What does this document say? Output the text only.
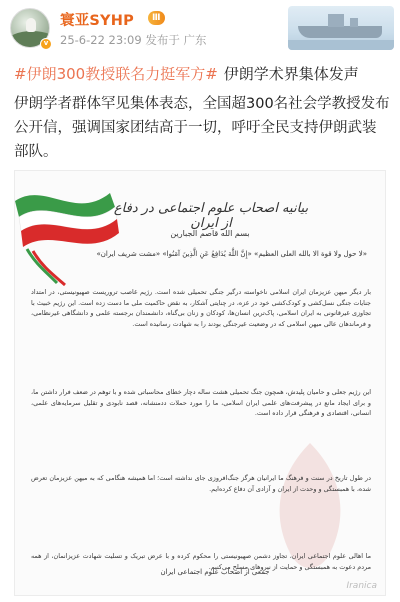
v
寰亚SYHP	Ⅲ
25-6-22 23:09 发布于 广东
#伊朗300教授联名力挺军方# 伊朗学术界集体发声
伊朗学者群体罕见集体表态，全国超300名社会学教授发布公开信，强调国家团结高于一切，呼吁全民支持伊朗武装部队。
بیانیه اصحاب علوم اجتماعی در دفاع از ایران
بسم الله قاصم الجبارین
«لا حول ولا قوة الا بالله العلی العظیم» «إِنَّ اللَّهَ يُدَافِعُ عَنِ الَّذِينَ آمَنُوا» «مشت شریف ایران»
بار دیگر میهن عزیزمان ایران اسلامی ناخواسته درگیر جنگی تحمیلی شده است. رژیم غاصب تروریست صهیونیستی، در امتداد جنایات جنگی نسل‌کشی و کودک‌کشی خود در غزه، در چنایتی آشکار، به نقض حاکمیت ملی ما دست زده است. این رژیم خبیث با تجاوزی غیرقانونی به ایران اسلامی، پاک‌ترین انسان‌ها، کودکان و زنان بی‌گناه، دانشمندان برجسته علمی و دانشگاهی غیرنظامی، و فرماندهان عالی میهن اسلامی که در وضعیت غیرجنگی بودند را به شهادت رسانیده است.
این رژیم جعلی و حامیان پلیدش، همچون جنگ تحمیلی هشت ساله دچار خطای محاسباتی شده و با توهم در ضعف فرار داشتن ما، و برای ایجاد مانع در پیشرفت‌های علمی ایران اسلامی، ما را مورد حملات ددمنشانه، قصد نابودی و تقلیل سرمایه‌های علمی، انسانی، اقتصادی و فرهنگی قرار داده است.
در طول تاریخ در سنت و فرهنگ ما ایرانیان هرگز جنگ‌افروزی جای نداشته است؛ اما همیشه هنگامی که به میهن عزیزمان تعرض شده، با همبستگی و وحدت از ایران و آزادی آن دفاع کرده‌ایم.
ما اهالی علوم اجتماعی ایران، تجاوز دشمن صهیونیستی را محکوم کرده و با عرض تبریک و تسلیت شهادت عزیزانمان، از همه مردم دعوت به همبستگی و حمایت از نیروهای مسلح می‌کنیم.
جمعی از اصحاب علوم اجتماعی ایران
Iranica
